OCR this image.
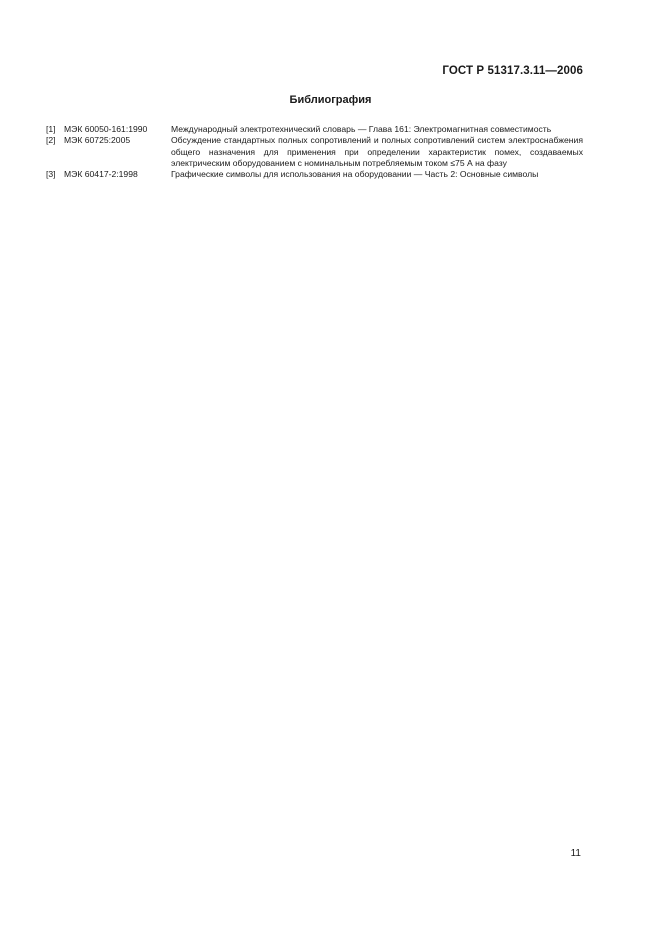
ГОСТ Р 51317.3.11—2006
Библиография
[1] МЭК 60050-161:1990	Международный электротехнический словарь — Глава 161: Электромагнитная совместимость
[2] МЭК 60725:2005	Обсуждение стандартных полных сопротивлений и полных сопротивлений систем электроснабжения общего назначения для применения при определении характеристик помех, создаваемых электрическим оборудованием с номинальным потребляемым током ≤75 А на фазу
[3] МЭК 60417-2:1998	Графические символы для использования на оборудовании — Часть 2: Основные символы
11
